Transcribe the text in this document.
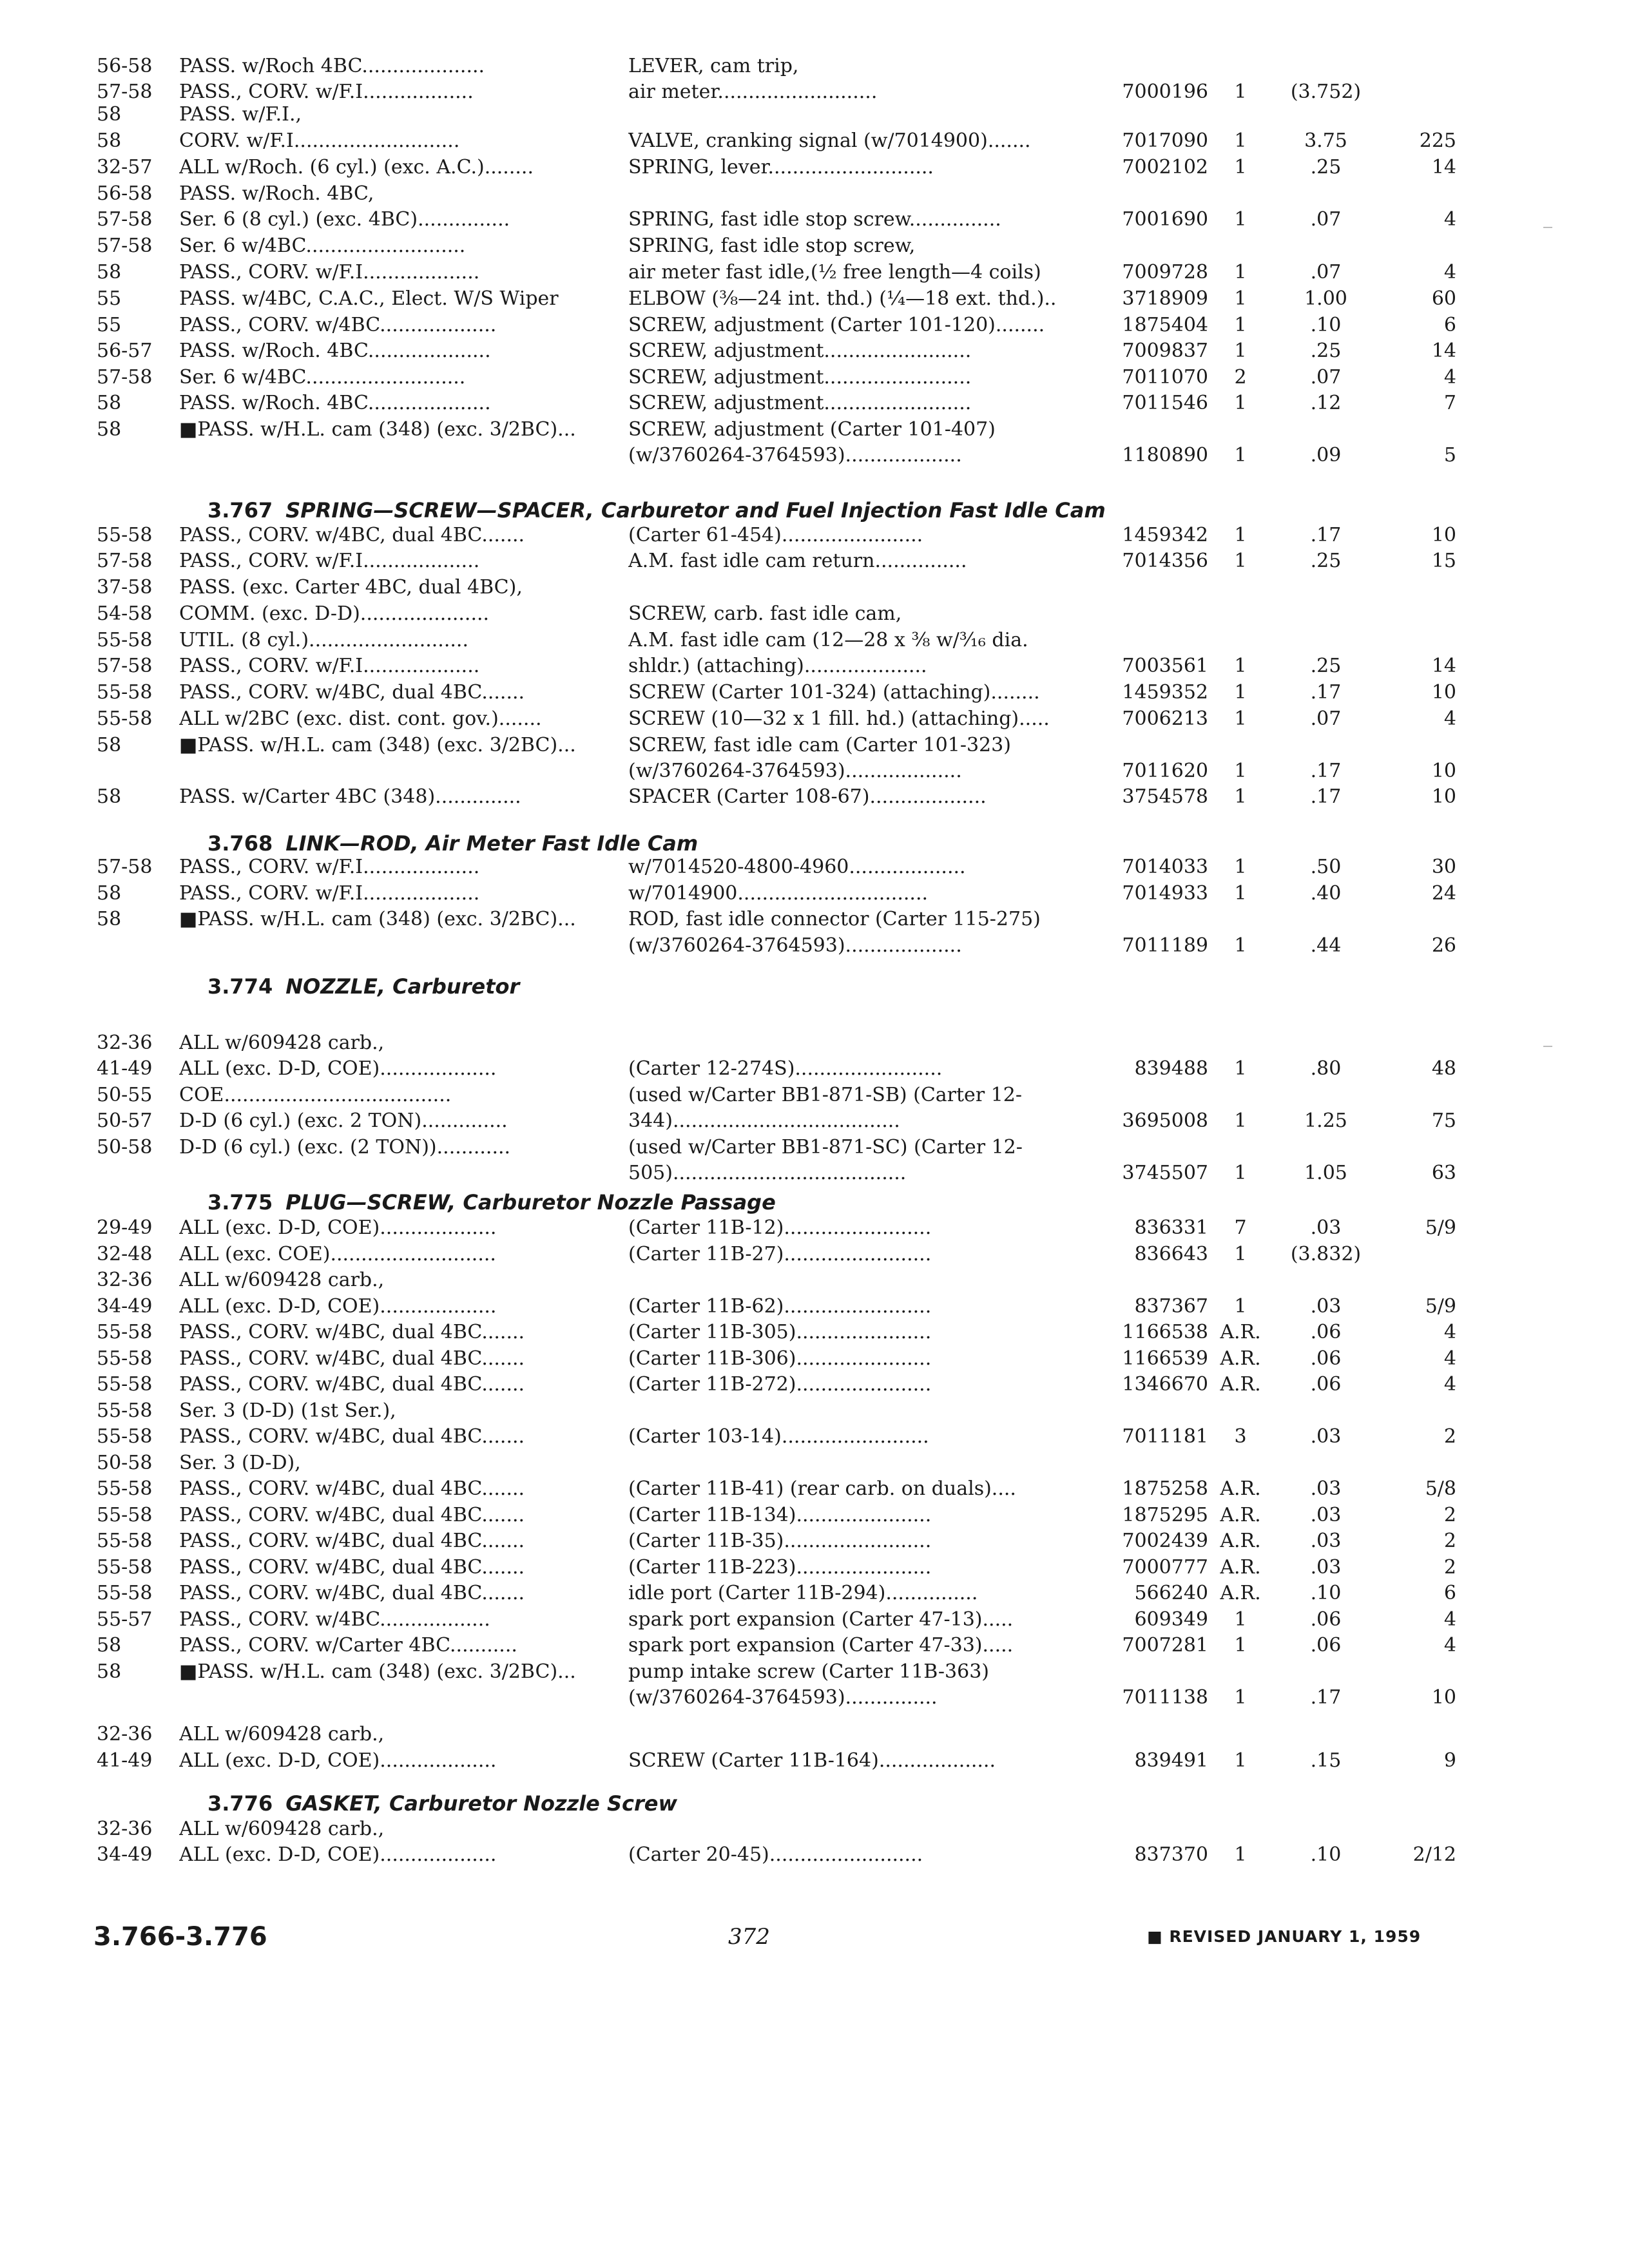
56-58	PASS. w/Roch 4BC....................	LEVER, cam trip,
57-58	PASS., CORV. w/F.I..................	air meter..........................	7000196	1	(3.752)
58	PASS. w/F.I.,
58	CORV. w/F.I...........................	VALVE, cranking signal (w/7014900).......	7017090	1	3.75	225
32-57	ALL w/Roch. (6 cyl.) (exc. A.C.)........	SPRING, lever...........................	7002102	1	.25	14
56-58	PASS. w/Roch. 4BC,
57-58	Ser. 6 (8 cyl.) (exc. 4BC)...............	SPRING, fast idle stop screw...............	7001690	1	.07	4
57-58	Ser. 6 w/4BC..........................	SPRING, fast idle stop screw,
58	PASS., CORV. w/F.I...................	air meter fast idle,(½ free length—4 coils)	7009728	1	.07	4
55	PASS. w/4BC, C.A.C., Elect. W/S Wiper	ELBOW (⅜—24 int. thd.) (¼—18 ext. thd.)..	3718909	1	1.00	60
55	PASS., CORV. w/4BC...................	SCREW, adjustment (Carter 101-120)........	1875404	1	.10	6
56-57	PASS. w/Roch. 4BC....................	SCREW, adjustment........................	7009837	1	.25	14
57-58	Ser. 6 w/4BC..........................	SCREW, adjustment........................	7011070	2	.07	4
58	PASS. w/Roch. 4BC....................	SCREW, adjustment........................	7011546	1	.12	7
58	■PASS. w/H.L. cam (348) (exc. 3/2BC)...	SCREW, adjustment (Carter 101-407)
(w/3760264-3764593)...................	1180890	1	.09	5
55-58	PASS., CORV. w/4BC, dual 4BC.......	(Carter 61-454).......................	1459342	1	.17	10
57-58	PASS., CORV. w/F.I...................	A.M. fast idle cam return...............	7014356	1	.25	15
37-58	PASS. (exc. Carter 4BC, dual 4BC),
54-58	COMM. (exc. D-D).....................	SCREW, carb. fast idle cam,
55-58	UTIL. (8 cyl.)..........................	A.M. fast idle cam (12—28 x ⅜ w/³⁄₁₆ dia.
57-58	PASS., CORV. w/F.I...................	shldr.) (attaching)....................	7003561	1	.25	14
55-58	PASS., CORV. w/4BC, dual 4BC.......	SCREW (Carter 101-324) (attaching)........	1459352	1	.17	10
55-58	ALL w/2BC (exc. dist. cont. gov.).......	SCREW (10—32 x 1 fill. hd.) (attaching).....	7006213	1	.07	4
58	■PASS. w/H.L. cam (348) (exc. 3/2BC)...	SCREW, fast idle cam (Carter 101-323)
(w/3760264-3764593)...................	7011620	1	.17	10
58	PASS. w/Carter 4BC (348)..............	SPACER (Carter 108-67)...................	3754578	1	.17	10
57-58	PASS., CORV. w/F.I...................	w/7014520-4800-4960...................	7014033	1	.50	30
58	PASS., CORV. w/F.I...................	w/7014900...............................	7014933	1	.40	24
58	■PASS. w/H.L. cam (348) (exc. 3/2BC)...	ROD, fast idle connector (Carter 115-275)
(w/3760264-3764593)...................	7011189	1	.44	26
32-36	ALL w/609428 carb.,
41-49	ALL (exc. D-D, COE)...................	(Carter 12-274S)........................	839488	1	.80	48
50-55	COE.....................................	(used w/Carter BB1-871-SB) (Carter 12-
50-57	D-D (6 cyl.) (exc. 2 TON)..............	344).....................................	3695008	1	1.25	75
50-58	D-D (6 cyl.) (exc. (2 TON))............	(used w/Carter BB1-871-SC) (Carter 12-
505)......................................	3745507	1	1.05	63
29-49	ALL (exc. D-D, COE)...................	(Carter 11B-12)........................	836331	7	.03	5/9
32-48	ALL (exc. COE)...........................	(Carter 11B-27)........................	836643	1	(3.832)
32-36	ALL w/609428 carb.,
34-49	ALL (exc. D-D, COE)...................	(Carter 11B-62)........................	837367	1	.03	5/9
55-58	PASS., CORV. w/4BC, dual 4BC.......	(Carter 11B-305)......................	1166538 A.R.	.06	4
55-58	PASS., CORV. w/4BC, dual 4BC.......	(Carter 11B-306)......................	1166539 A.R.	.06	4
55-58	PASS., CORV. w/4BC, dual 4BC.......	(Carter 11B-272)......................	1346670 A.R.	.06	4
55-58	Ser. 3 (D-D) (1st Ser.),
55-58	PASS., CORV. w/4BC, dual 4BC.......	(Carter 103-14)........................	7011181	3	.03	2
50-58	Ser. 3 (D-D),
55-58	PASS., CORV. w/4BC, dual 4BC.......	(Carter 11B-41) (rear carb. on duals)....	1875258 A.R.	.03	5/8
55-58	PASS., CORV. w/4BC, dual 4BC.......	(Carter 11B-134)......................	1875295 A.R.	.03	2
55-58	PASS., CORV. w/4BC, dual 4BC.......	(Carter 11B-35)........................	7002439 A.R.	.03	2
55-58	PASS., CORV. w/4BC, dual 4BC.......	(Carter 11B-223)......................	7000777 A.R.	.03	2
55-58	PASS., CORV. w/4BC, dual 4BC.......	idle port (Carter 11B-294)...............	566240 A.R.	.10	6
55-57	PASS., CORV. w/4BC..................	spark port expansion (Carter 47-13).....	609349	1	.06	4
58	PASS., CORV. w/Carter 4BC...........	spark port expansion (Carter 47-33).....	7007281	1	.06	4
58	■PASS. w/H.L. cam (348) (exc. 3/2BC)...	pump intake screw (Carter 11B-363)
(w/3760264-3764593)...............	7011138	1	.17	10
32-36	ALL w/609428 carb.,
41-49	ALL (exc. D-D, COE)...................	SCREW (Carter 11B-164)...................	839491	1	.15	9
32-36	ALL w/609428 carb.,
34-49	ALL (exc. D-D, COE)...................	(Carter 20-45).........................	837370	1	.10	2/12
3.767 SPRING—SCREW—SPACER, Carburetor and Fuel Injection Fast Idle Cam
3.768 LINK—ROD, Air Meter Fast Idle Cam
3.774 NOZZLE, Carburetor
3.775 PLUG—SCREW, Carburetor Nozzle Passage
3.776 GASKET, Carburetor Nozzle Screw
3.766-3.776	372	■ REVISED JANUARY 1, 1959
